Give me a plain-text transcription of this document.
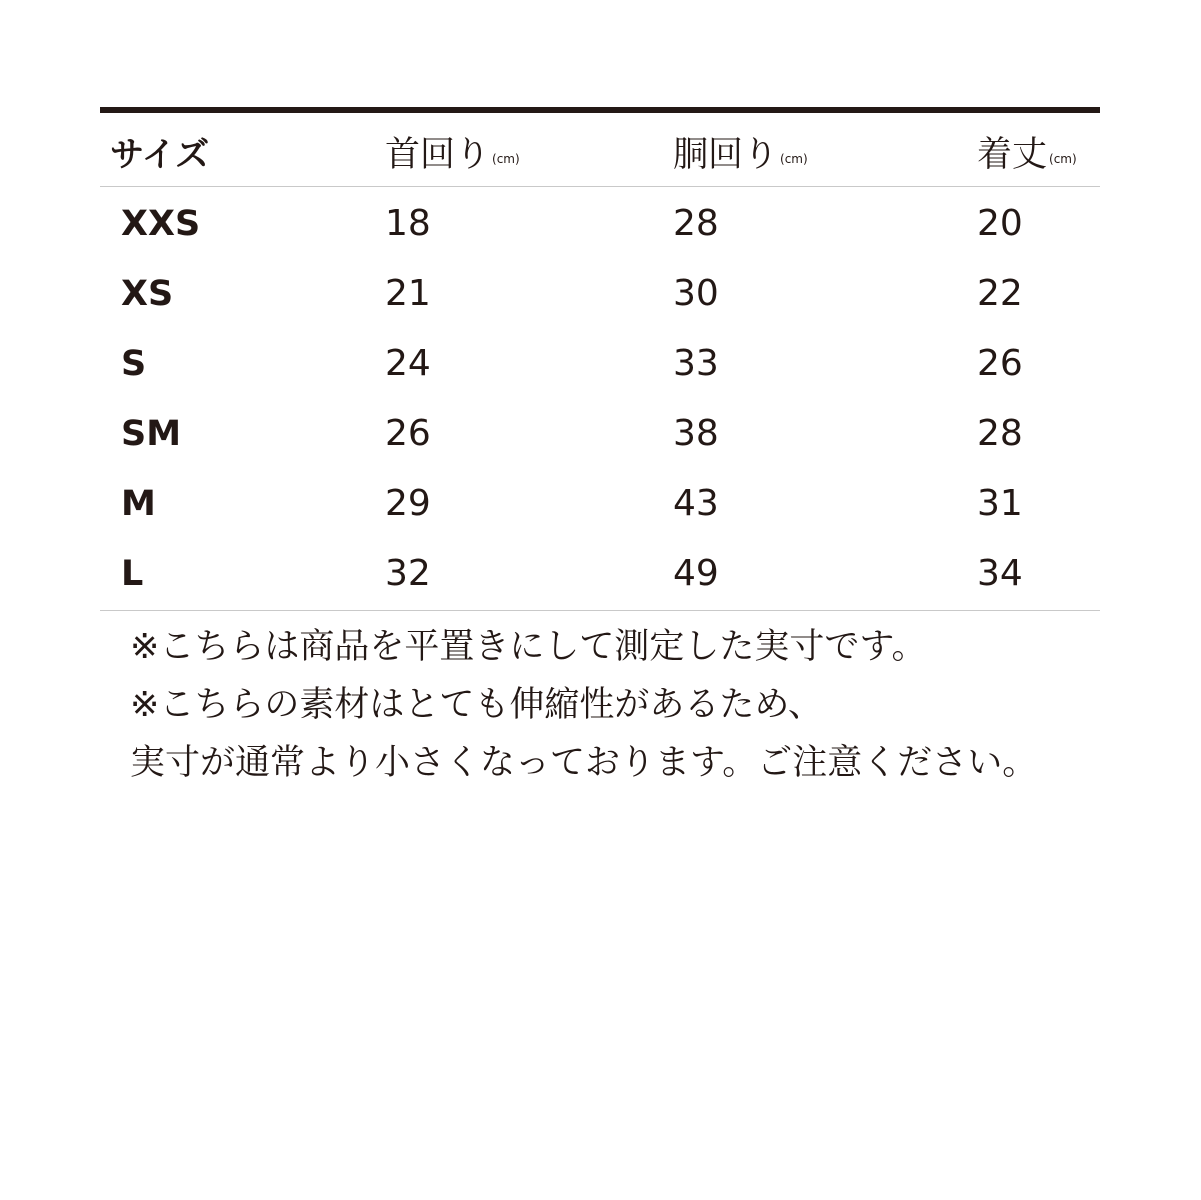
サイズ	首回り (cm)	胴回り (cm)	着丈 (cm)
XXS	18	28	20
XS	21	30	22
S	24	33	26
SM	26	38	28
M	29	43	31
L	32	49	34
※こちらは商品を平置きにして測定した実寸です。
※こちらの素材はとても伸縮性があるため、
実寸が通常より小さくなっております。ご注意ください。
